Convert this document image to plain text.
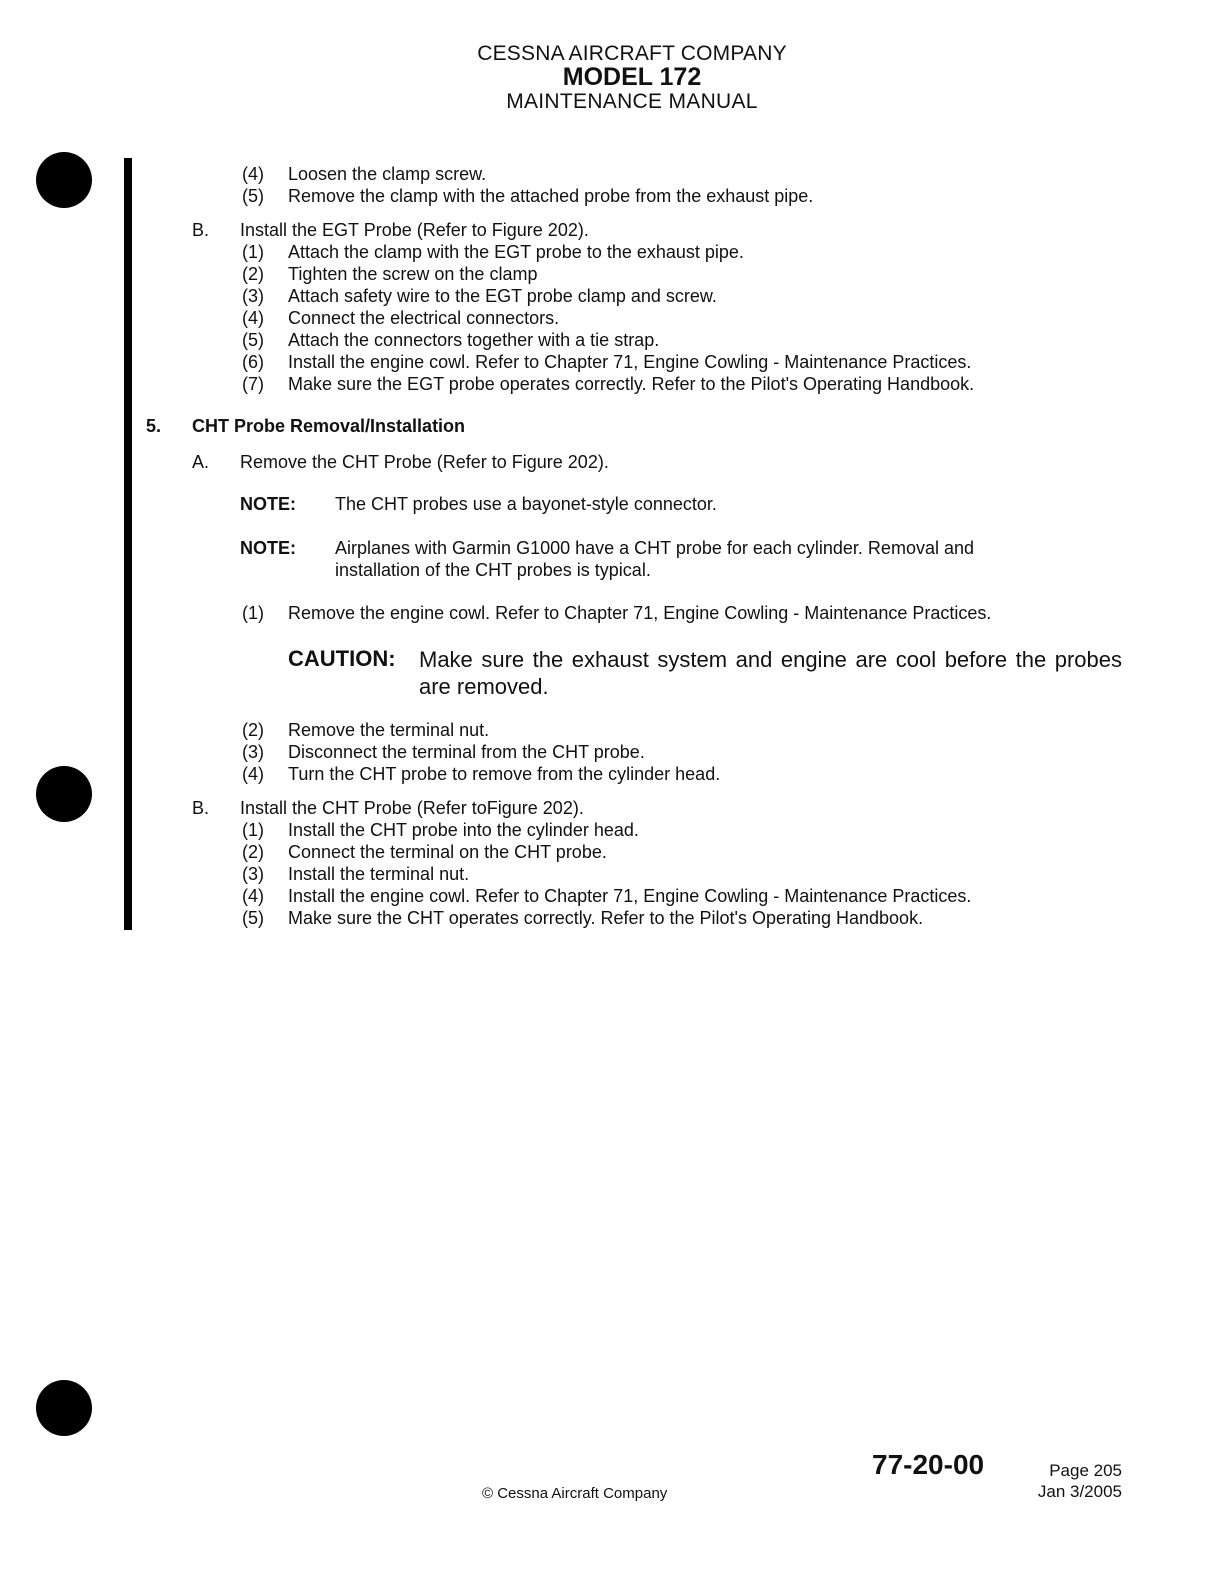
CESSNA AIRCRAFT COMPANY
MODEL 172
MAINTENANCE MANUAL
(4) Loosen the clamp screw.
(5) Remove the clamp with the attached probe from the exhaust pipe.
B. Install the EGT Probe (Refer to Figure 202).
(1) Attach the clamp with the EGT probe to the exhaust pipe.
(2) Tighten the screw on the clamp
(3) Attach safety wire to the EGT probe clamp and screw.
(4) Connect the electrical connectors.
(5) Attach the connectors together with a tie strap.
(6) Install the engine cowl. Refer to Chapter 71, Engine Cowling - Maintenance Practices.
(7) Make sure the EGT probe operates correctly. Refer to the Pilot's Operating Handbook.
5. CHT Probe Removal/Installation
A. Remove the CHT Probe (Refer to Figure 202).
NOTE: The CHT probes use a bayonet-style connector.
NOTE: Airplanes with Garmin G1000 have a CHT probe for each cylinder. Removal and
installation of the CHT probes is typical.
(1) Remove the engine cowl. Refer to Chapter 71, Engine Cowling - Maintenance Practices.
CAUTION: Make sure the exhaust system and engine are cool before the probes are removed.
(2) Remove the terminal nut.
(3) Disconnect the terminal from the CHT probe.
(4) Turn the CHT probe to remove from the cylinder head.
B. Install the CHT Probe (Refer toFigure 202).
(1) Install the CHT probe into the cylinder head.
(2) Connect the terminal on the CHT probe.
(3) Install the terminal nut.
(4) Install the engine cowl. Refer to Chapter 71, Engine Cowling - Maintenance Practices.
(5) Make sure the CHT operates correctly. Refer to the Pilot's Operating Handbook.
77-20-00	Page 205
Jan 3/2005
© Cessna Aircraft Company
